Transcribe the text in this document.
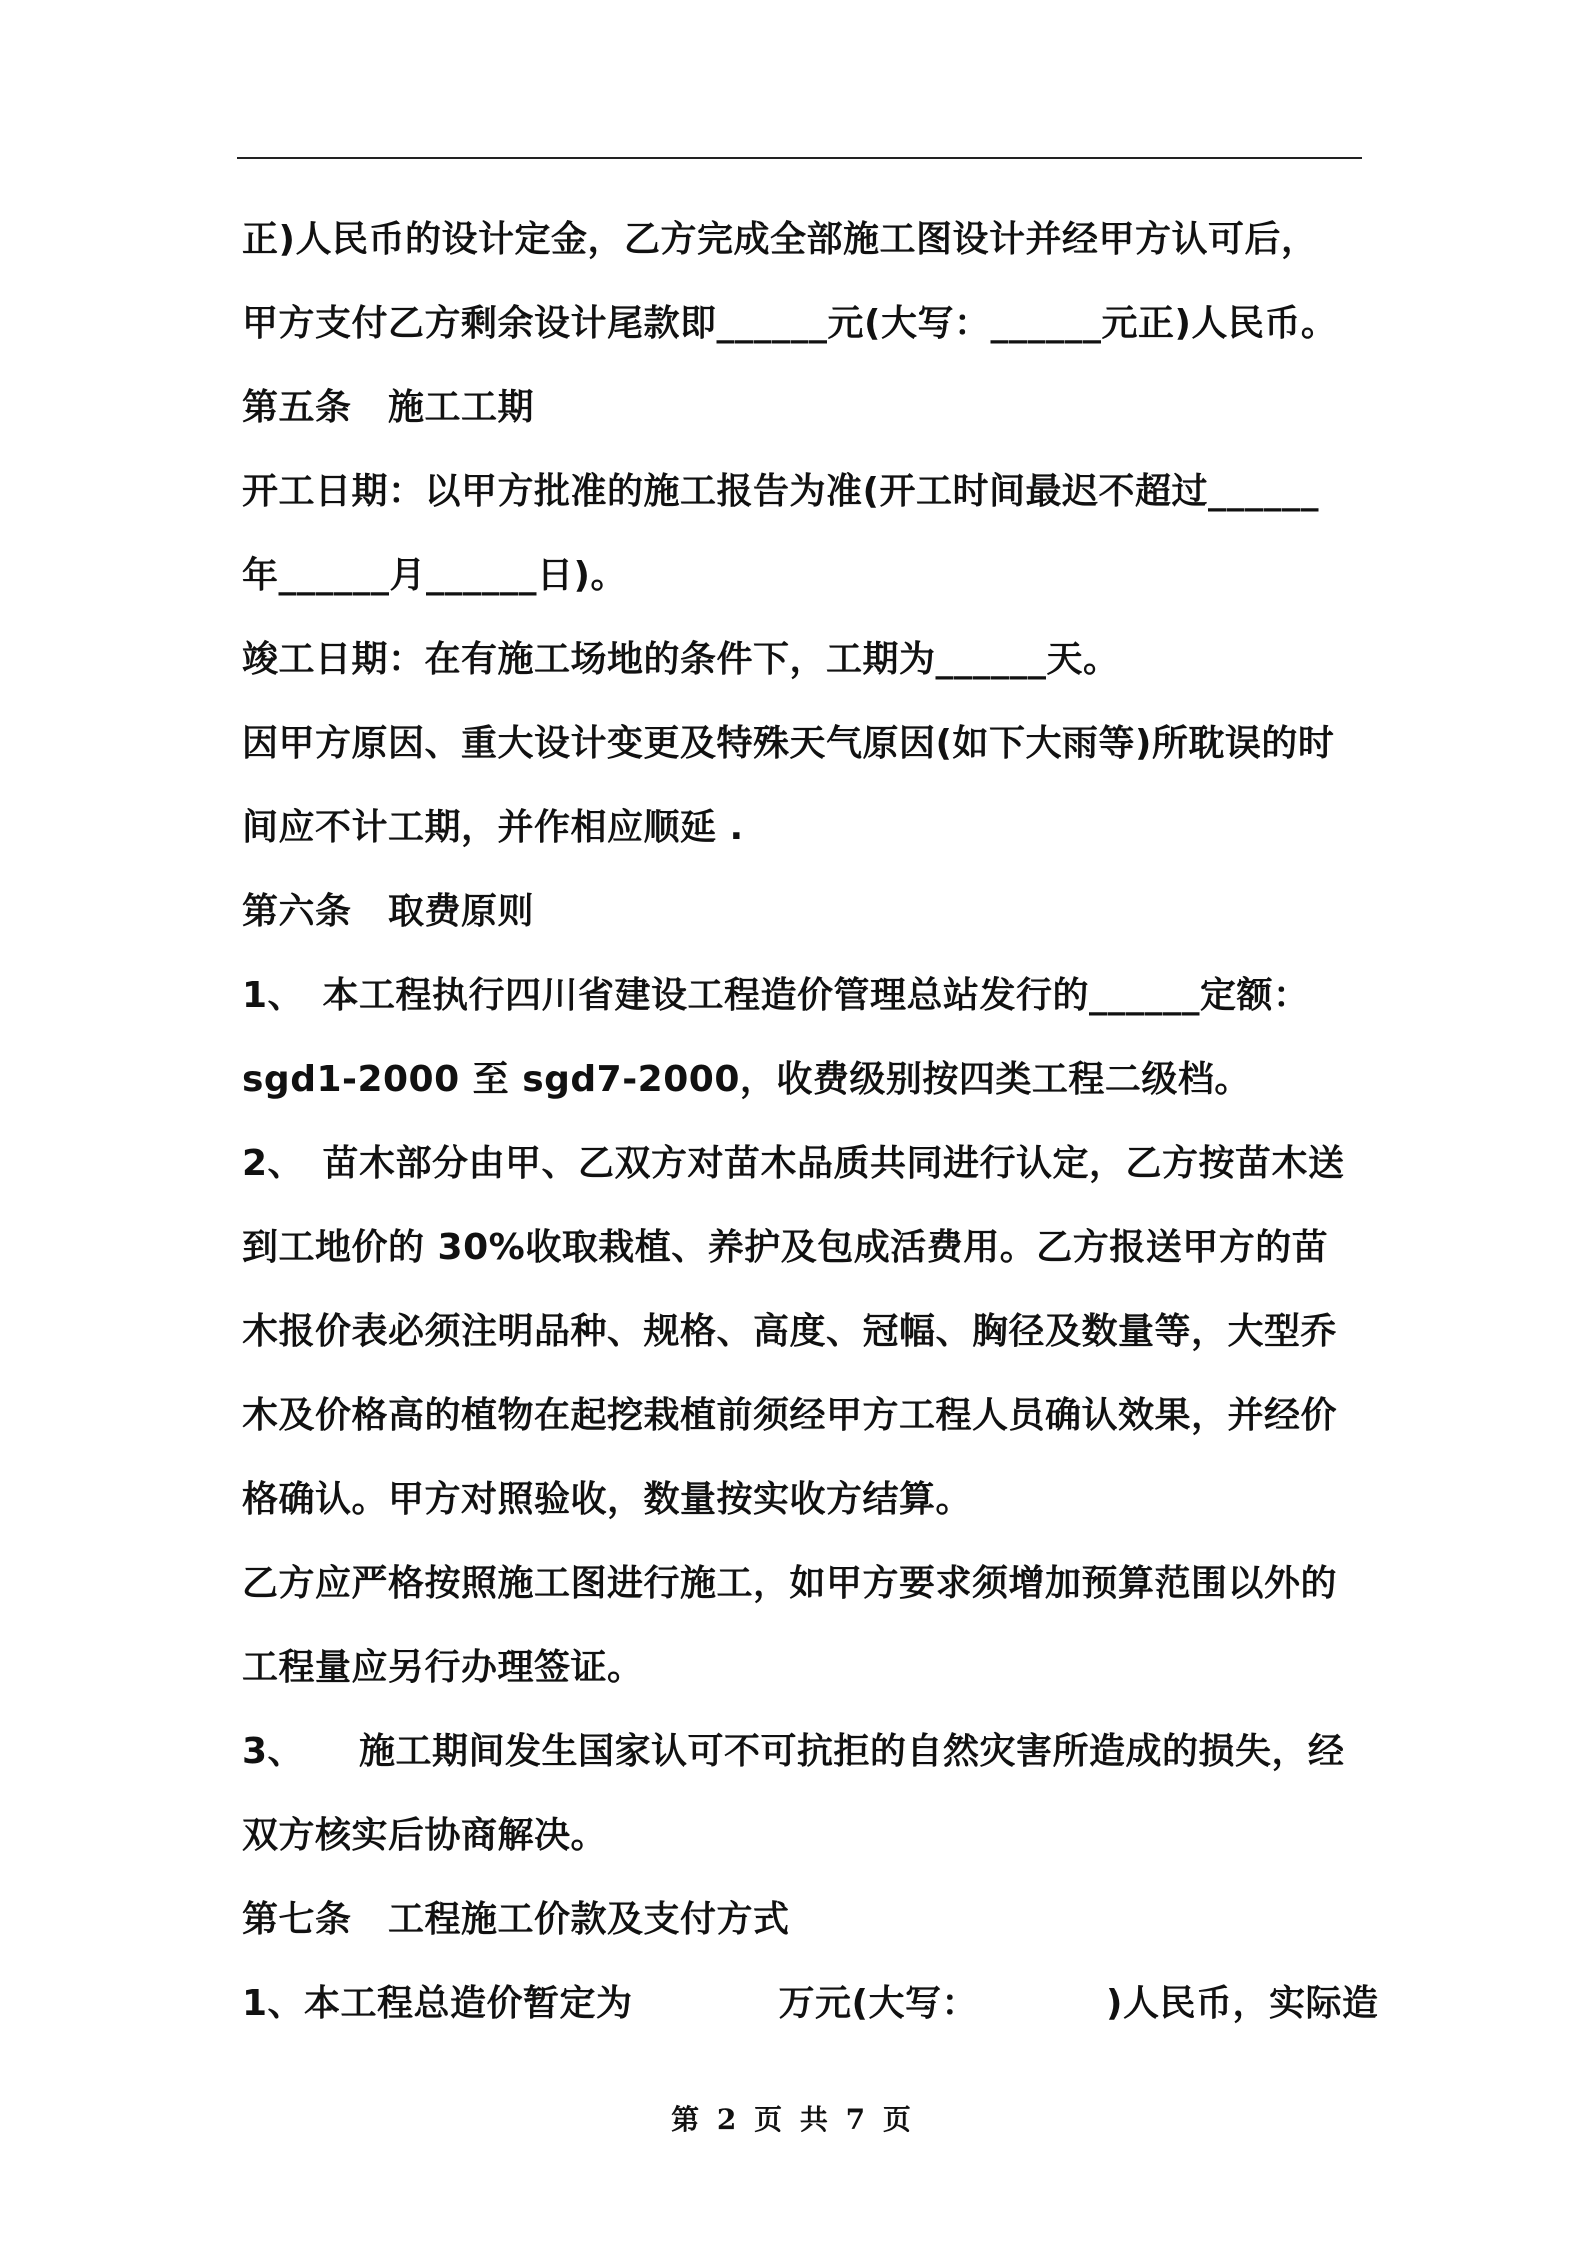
正)人民币的设计定金，乙方完成全部施工图设计并经甲方认可后，
甲方支付乙方剩余设计尾款即______元(大写：______元正)人民币。
第五条　施工工期
开工日期：以甲方批准的施工报告为准(开工时间最迟不超过______
年______月______日)。
竣工日期：在有施工场地的条件下，工期为______天。
因甲方原因、重大设计变更及特殊天气原因(如下大雨等)所耽误的时
间应不计工期，并作相应顺延 .
第六条　取费原则
1、　本工程执行四川省建设工程造价管理总站发行的______定额：
sgd1-2000 至 sgd7-2000，收费级别按四类工程二级档。
2、　苗木部分由甲、乙双方对苗木品质共同进行认定，乙方按苗木送
到工地价的 30%收取栽植、养护及包成活费用。乙方报送甲方的苗
木报价表必须注明品种、规格、高度、冠幅、胸径及数量等，大型乔
木及价格高的植物在起挖栽植前须经甲方工程人员确认效果，并经价
格确认。甲方对照验收，数量按实收方结算。
乙方应严格按照施工图进行施工，如甲方要求须增加预算范围以外的
工程量应另行办理签证。
3、　　施工期间发生国家认可不可抗拒的自然灾害所造成的损失，经
双方核实后协商解决。
第七条　工程施工价款及支付方式
1、本工程总造价暂定为　　　　万元(大写：　　　　)人民币，实际造
第 2 页 共 7 页
